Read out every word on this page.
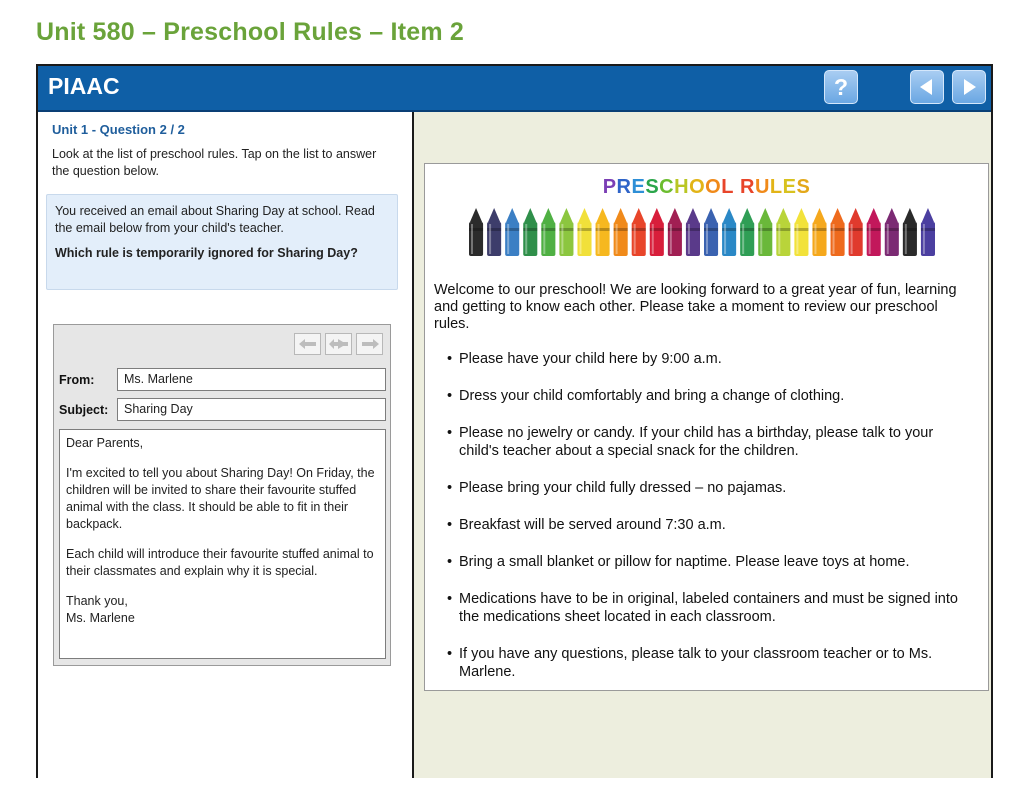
Unit 580 – Preschool Rules – Item 2
PIAAC	?
Unit 1 - Question 2 / 2
Look at the list of preschool rules. Tap on the list to answer the question below.
You received an email about Sharing Day at school. Read the email below from your child's teacher.
Which rule is temporarily ignored for Sharing Day?
From:	Ms. Marlene
Subject:	Sharing Day

Dear Parents,

I'm excited to tell you about Sharing Day! On Friday, the children will be invited to share their favourite stuffed animal with the class. It should be able to fit in their backpack.

Each child will introduce their favourite stuffed animal to their classmates and explain why it is special.

Thank you,
Ms. Marlene
PRESCHOOL RULES
Welcome to our preschool! We are looking forward to a great year of fun, learning and getting to know each other. Please take a moment to review our preschool rules.
• Please have your child here by 9:00 a.m.
• Dress your child comfortably and bring a change of clothing.
• Please no jewelry or candy. If your child has a birthday, please talk to your child's teacher about a special snack for the children.
• Please bring your child fully dressed – no pajamas.
• Breakfast will be served around 7:30 a.m.
• Bring a small blanket or pillow for naptime. Please leave toys at home.
• Medications have to be in original, labeled containers and must be signed into the medications sheet located in each classroom.
• If you have any questions, please talk to your classroom teacher or to Ms. Marlene.
